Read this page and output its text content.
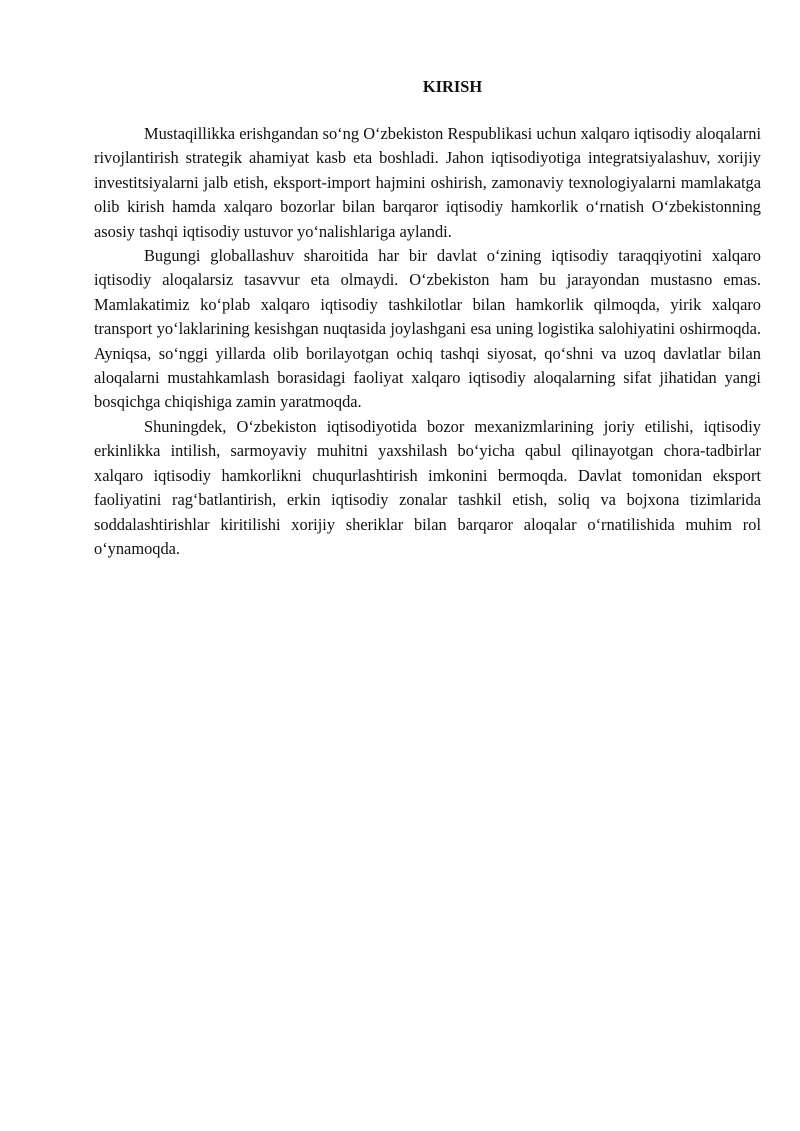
KIRISH

Mustaqillikka erishgandan so‘ng O‘zbekiston Respublikasi uchun xalqaro iqtisodiy aloqalarni rivojlantirish strategik ahamiyat kasb eta boshladi. Jahon iqtisodiyotiga integratsiyalashuv, xorijiy investitsiyalarni jalb etish, eksport-import hajmini oshirish, zamonaviy texnologiyalarni mamlakatga olib kirish hamda xalqaro bozorlar bilan barqaror iqtisodiy hamkorlik o‘rnatish O‘zbekistonning asosiy tashqi iqtisodiy ustuvor yo‘nalishlariga aylandi.

Bugungi globallashuv sharoitida har bir davlat o‘zining iqtisodiy taraqqiyotini xalqaro iqtisodiy aloqalarsiz tasavvur eta olmaydi. O‘zbekiston ham bu jarayondan mustasno emas. Mamlakatimiz ko‘plab xalqaro iqtisodiy tashkilotlar bilan hamkorlik qilmoqda, yirik xalqaro transport yo‘laklarining kesishgan nuqtasida joylashgani esa uning logistika salohiyatini oshirmoqda. Ayniqsa, so‘nggi yillarda olib borilayotgan ochiq tashqi siyosat, qo‘shni va uzoq davlatlar bilan aloqalarni mustahkamlash borasidagi faoliyat xalqaro iqtisodiy aloqalarning sifat jihatidan yangi bosqichga chiqishiga zamin yaratmoqda.

Shuningdek, O‘zbekiston iqtisodiyotida bozor mexanizmlarining joriy etilishi, iqtisodiy erkinlikka intilish, sarmoyaviy muhitni yaxshilash bo‘yicha qabul qilinayotgan chora-tadbirlar xalqaro iqtisodiy hamkorlikni chuqurlashtirish imkonini bermoqda. Davlat tomonidan eksport faoliyatini rag‘batlantirish, erkin iqtisodiy zonalar tashkil etish, soliq va bojxona tizimlarida soddalashtirishlar kiritilishi xorijiy sheriklar bilan barqaror aloqalar o‘rnatilishida muhim rol o‘ynamoqda.
